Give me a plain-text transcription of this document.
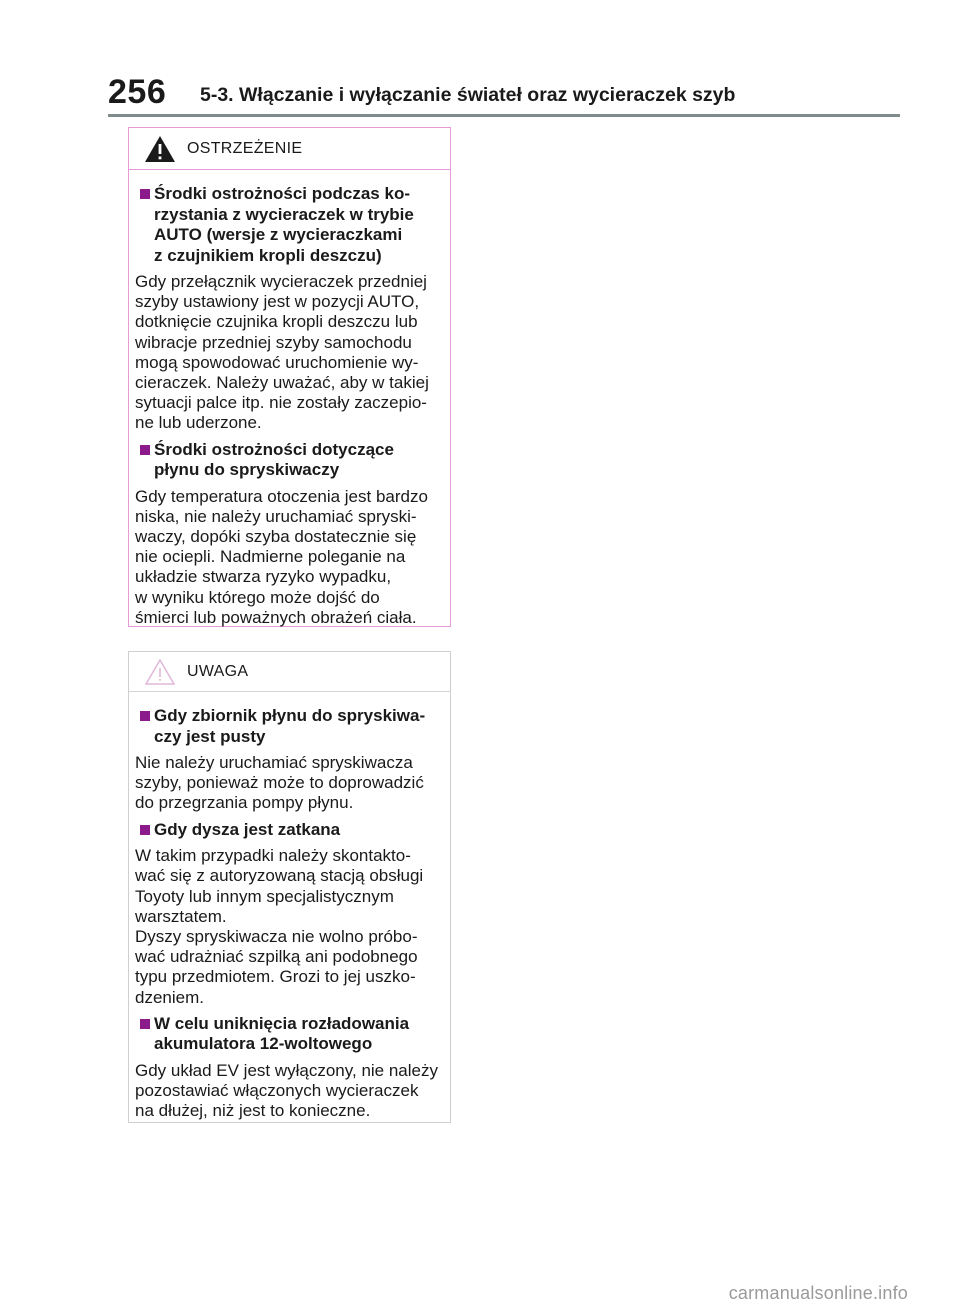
256 5-3. Włączanie i wyłączanie świateł oraz wycieraczek szyb
OSTRZEŻENIE
Środki ostrożności podczas ko-
rzystania z wycieraczek w trybie
AUTO (wersje z wycieraczkami
z czujnikiem kropli deszczu)
Gdy przełącznik wycieraczek przedniej
szyby ustawiony jest w pozycji AUTO,
dotknięcie czujnika kropli deszczu lub
wibracje przedniej szyby samochodu
mogą spowodować uruchomienie wy-
cieraczek. Należy uważać, aby w takiej
sytuacji palce itp. nie zostały zaczepio-
ne lub uderzone.
Środki ostrożności dotyczące
płynu do spryskiwaczy
Gdy temperatura otoczenia jest bardzo
niska, nie należy uruchamiać spryski-
waczy, dopóki szyba dostatecznie się
nie ociepli. Nadmierne poleganie na
układzie stwarza ryzyko wypadku,
w wyniku którego może dojść do
śmierci lub poważnych obrażeń ciała.
UWAGA
Gdy zbiornik płynu do spryskiwa-
czy jest pusty
Nie należy uruchamiać spryskiwacza
szyby, ponieważ może to doprowadzić
do przegrzania pompy płynu.
Gdy dysza jest zatkana
W takim przypadki należy skontakto-
wać się z autoryzowaną stacją obsługi
Toyoty lub innym specjalistycznym
warsztatem.
Dyszy spryskiwacza nie wolno próbo-
wać udrażniać szpilką ani podobnego
typu przedmiotem. Grozi to jej uszko-
dzeniem.
W celu uniknięcia rozładowania
akumulatora 12-woltowego
Gdy układ EV jest wyłączony, nie należy
pozostawiać włączonych wycieraczek
na dłużej, niż jest to konieczne.
carmanualsonline.info
